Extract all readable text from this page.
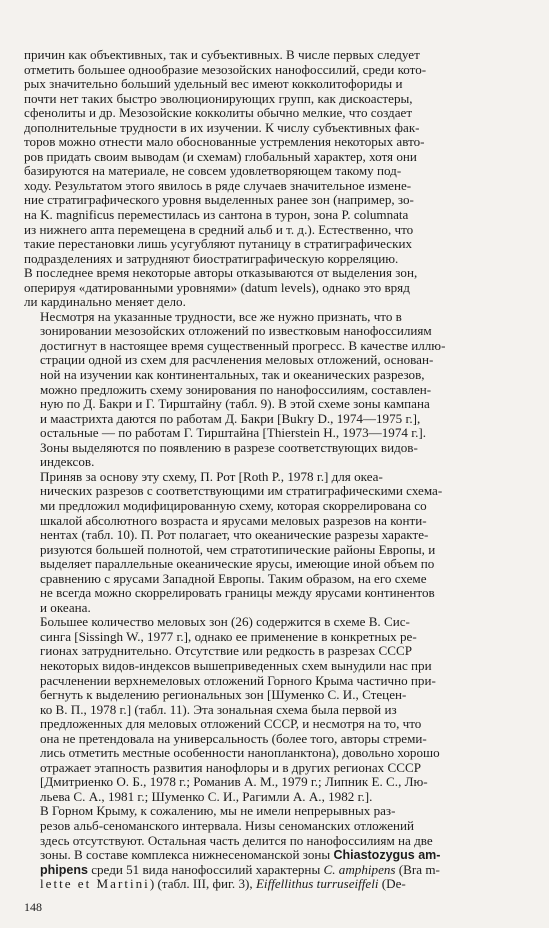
причин как объективных, так и субъективных. В числе первых следует
отметить большее однообразие мезозойских нанофоссилий, среди кото-
рых значительно больший удельный вес имеют кокколитофориды и
почти нет таких быстро эволюционирующих групп, как дискоастеры,
сфенолиты и др. Мезозойские кокколиты обычно мелкие, что создает
дополнительные трудности в их изучении. К числу субъективных фак-
торов можно отнести мало обоснованные устремления некоторых авто-
ров придать своим выводам (и схемам) глобальный характер, хотя они
базируются на материале, не совсем удовлетворяющем такому под-
ходу. Результатом этого явилось в ряде случаев значительное измене-
ние стратиграфического уровня выделенных ранее зон (например, зо-
на K. magnificus переместилась из сантона в турон, зона P. columnata
из нижнего апта перемещена в средний альб и т. д.). Естественно, что
такие перестановки лишь усугубляют путаницу в стратиграфических
подразделениях и затрудняют биостратиграфическую корреляцию.
В последнее время некоторые авторы отказываются от выделения зон,
оперируя «датированными уровнями» (datum levels), однако это вряд
ли кардинально меняет дело.

Несмотря на указанные трудности, все же нужно признать, что в
зонировании мезозойских отложений по известковым нанофоссилиям
достигнут в настоящее время существенный прогресс. В качестве иллю-
страции одной из схем для расчленения меловых отложений, основан-
ной на изучении как континентальных, так и океанических разрезов,
можно предложить схему зонирования по нанофоссилиям, составлен-
ную по Д. Бакри и Г. Тирштайну (табл. 9). В этой схеме зоны кампана
и маастрихта даются по работам Д. Бакри [Bukry D., 1974—1975 г.],
остальные — по работам Г. Тирштайна [Thierstein H., 1973—1974 г.].
Зоны выделяются по появлению в разрезе соответствующих видов-
индексов.

Приняв за основу эту схему, П. Рот [Roth P., 1978 г.] для океа-
нических разрезов с соответствующими им стратиграфическими схема-
ми предложил модифицированную схему, которая скоррелирована со
шкалой абсолютного возраста и ярусами меловых разрезов на конти-
нентах (табл. 10). П. Рот полагает, что океанические разрезы характе-
ризуются большей полнотой, чем стратотипические районы Европы, и
выделяет параллельные океанические ярусы, имеющие иной объем по
сравнению с ярусами Западной Европы. Таким образом, на его схеме
не всегда можно скоррелировать границы между ярусами континентов
и океана.

Большее количество меловых зон (26) содержится в схеме В. Сис-
синга [Sissingh W., 1977 г.], однако ее применение в конкретных ре-
гионах затруднительно. Отсутствие или редкость в разрезах СССР
некоторых видов-индексов вышеприведенных схем вынудили нас при
расчленении верхнемеловых отложений Горного Крыма частично при-
бегнуть к выделению региональных зон [Шуменко С. И., Стецен-
ко В. П., 1978 г.] (табл. 11). Эта зональная схема была первой из
предложенных для меловых отложений СССР, и несмотря на то, что
она не претендовала на универсальность (более того, авторы стреми-
лись отметить местные особенности нанопланктона), довольно хорошо
отражает этапность развития нанофлоры и в других регионах СССР
[Дмитриенко О. Б., 1978 г.; Романив А. М., 1979 г.; Липник Е. С., Лю-
льева С. А., 1981 г.; Шуменко С. И., Рагимли А. А., 1982 г.].

В Горном Крыму, к сожалению, мы не имели непрерывных раз-
резов альб-сеноманского интервала. Низы сеноманских отложений
здесь отсутствуют. Остальная часть делится по нанофоссилиям на две
зоны. В составе комплекса нижнесеноманской зоны Chiastozygus am-
phipens среди 51 вида нанофоссилий характерны C. amphipens (Bra m-
lette et Martini) (табл. III, фиг. 3), Eiffellithus turruseiffeli (De-

148
